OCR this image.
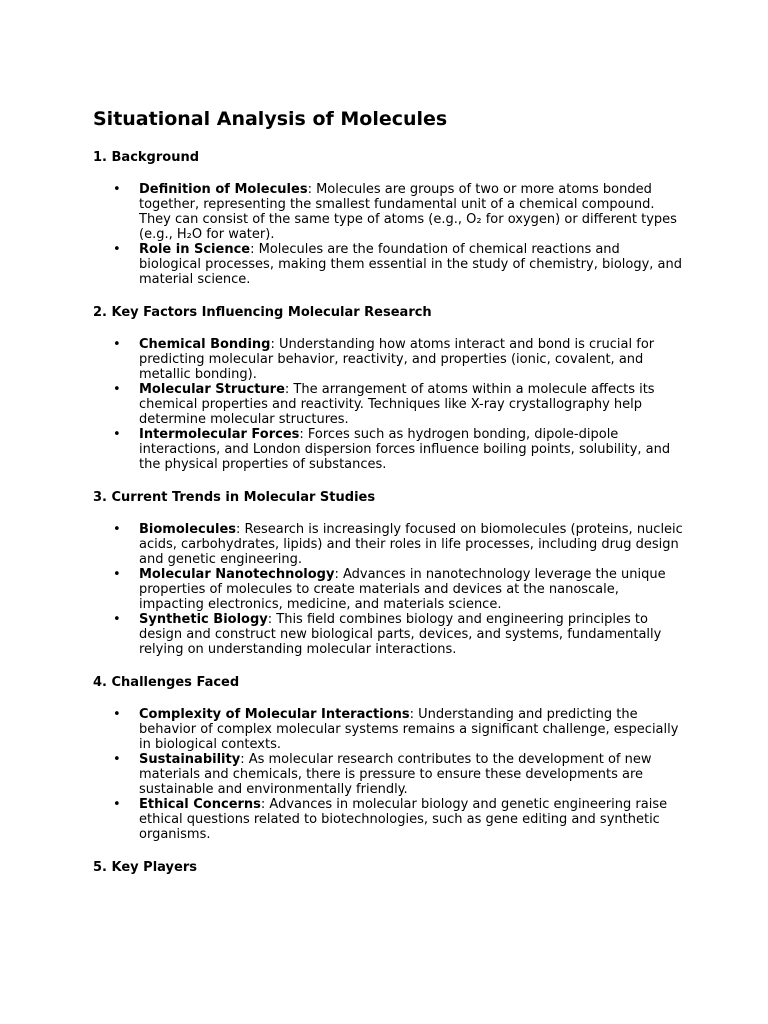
Situational Analysis of Molecules
1. Background
• Definition of Molecules: Molecules are groups of two or more atoms bonded together, representing the smallest fundamental unit of a chemical compound. They can consist of the same type of atoms (e.g., O₂ for oxygen) or different types (e.g., H₂O for water).
• Role in Science: Molecules are the foundation of chemical reactions and biological processes, making them essential in the study of chemistry, biology, and material science.
2. Key Factors Influencing Molecular Research
• Chemical Bonding: Understanding how atoms interact and bond is crucial for predicting molecular behavior, reactivity, and properties (ionic, covalent, and metallic bonding).
• Molecular Structure: The arrangement of atoms within a molecule affects its chemical properties and reactivity. Techniques like X-ray crystallography help determine molecular structures.
• Intermolecular Forces: Forces such as hydrogen bonding, dipole-dipole interactions, and London dispersion forces influence boiling points, solubility, and the physical properties of substances.
3. Current Trends in Molecular Studies
• Biomolecules: Research is increasingly focused on biomolecules (proteins, nucleic acids, carbohydrates, lipids) and their roles in life processes, including drug design and genetic engineering.
• Molecular Nanotechnology: Advances in nanotechnology leverage the unique properties of molecules to create materials and devices at the nanoscale, impacting electronics, medicine, and materials science.
• Synthetic Biology: This field combines biology and engineering principles to design and construct new biological parts, devices, and systems, fundamentally relying on understanding molecular interactions.
4. Challenges Faced
• Complexity of Molecular Interactions: Understanding and predicting the behavior of complex molecular systems remains a significant challenge, especially in biological contexts.
• Sustainability: As molecular research contributes to the development of new materials and chemicals, there is pressure to ensure these developments are sustainable and environmentally friendly.
• Ethical Concerns: Advances in molecular biology and genetic engineering raise ethical questions related to biotechnologies, such as gene editing and synthetic organisms.
5. Key Players
